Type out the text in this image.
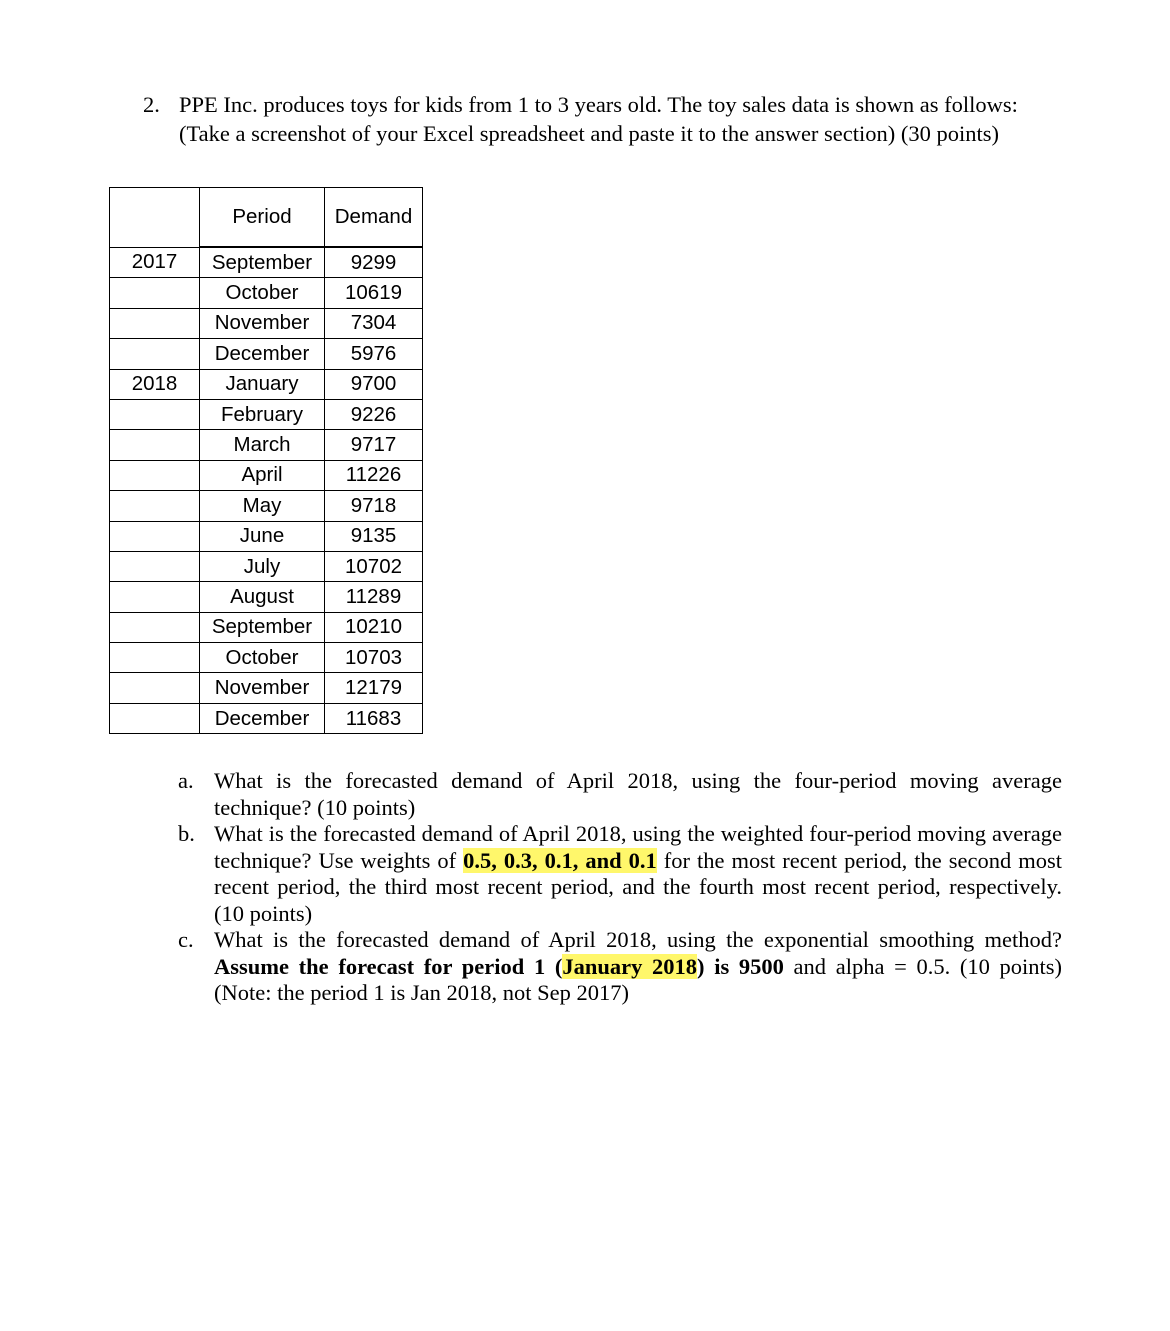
2. PPE Inc. produces toys for kids from 1 to 3 years old. The toy sales data is shown as follows: (Take a screenshot of your Excel spreadsheet and paste it to the answer section) (30 points)
	Period	Demand
2017	September	9299
	October	10619
	November	7304
	December	5976
2018	January	9700
	February	9226
	March	9717
	April	11226
	May	9718
	June	9135
	July	10702
	August	11289
	September	10210
	October	10703
	November	12179
	December	11683
a. What is the forecasted demand of April 2018, using the four-period moving average technique? (10 points)
b. What is the forecasted demand of April 2018, using the weighted four-period moving average technique? Use weights of 0.5, 0.3, 0.1, and 0.1 for the most recent period, the second most recent period, the third most recent period, and the fourth most recent period, respectively. (10 points)
c. What is the forecasted demand of April 2018, using the exponential smoothing method? Assume the forecast for period 1 (January 2018) is 9500 and alpha = 0.5. (10 points) (Note: the period 1 is Jan 2018, not Sep 2017)
